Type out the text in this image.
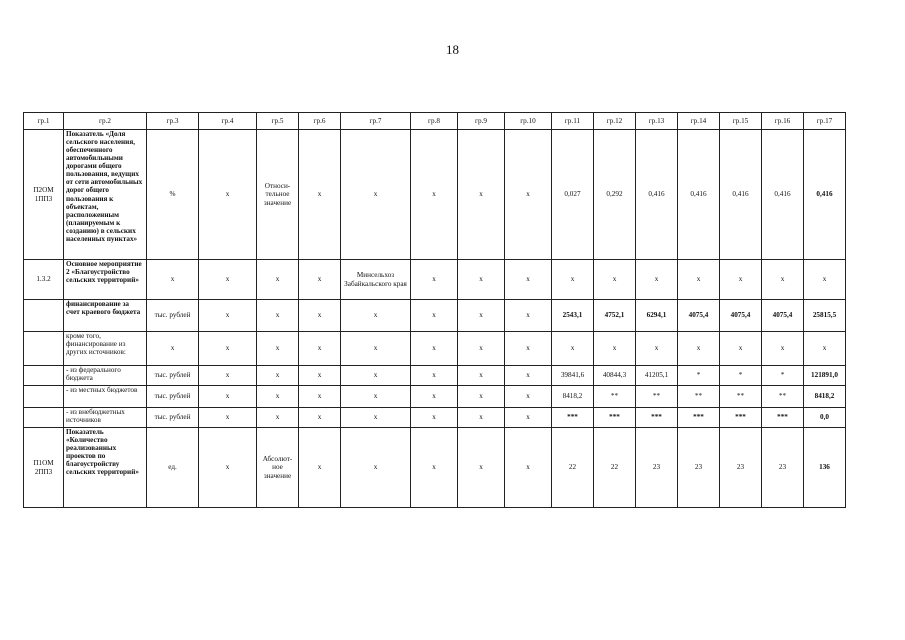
18
гр.1	гр.2	гр.3	гр.4	гр.5	гр.6	гр.7	гр.8	гр.9	гр.10	гр.11	гр.12	гр.13	гр.14	гр.15	гр.16	гр.17
П2ОМ 1ПП3	Показатель «Доля сельского населения, обеспеченного автомобильными дорогами общего пользования, ведущих от сети автомобильных дорог общего пользования к объектам, расположенным (планируемым к созданию) в сельских населенных пунктах»	%	х	Относи-тельное значение	х	х	х	х	х	0,027	0,292	0,416	0,416	0,416	0,416	0,416
1.3.2	Основное мероприятие 2 «Благоустройство сельских территорий»	х	х	х	х	Минсельхоз Забайкальского края	х	х	х	х	х	х	х	х	х	х
	финансирование за счет краевого бюджета	тыс. рублей	х	х	х	х	х	х	х	2543,1	4752,1	6294,1	4075,4	4075,4	4075,4	25815,5
	кроме того, финансирование из других источников:	х	х	х	х	х	х	х	х	х	х	х	х	х	х	х
	- из федерального бюджета	тыс. рублей	х	х	х	х	х	х	х	39841,6	40844,3	41205,1	*	*	*	121891,0
	- из местных бюджетов	тыс. рублей	х	х	х	х	х	х	х	8418,2	**	**	**	**	**	8418,2
	- из внебюджетных источников	тыс. рублей	х	х	х	х	х	х	х	***	***	***	***	***	***	0,0
П1ОМ 2ПП3	Показатель «Количество реализованных проектов по благоустройству сельских территорий»	ед.	х	Абсолют-ное значение	х	х	х	х	х	22	22	23	23	23	23	136
